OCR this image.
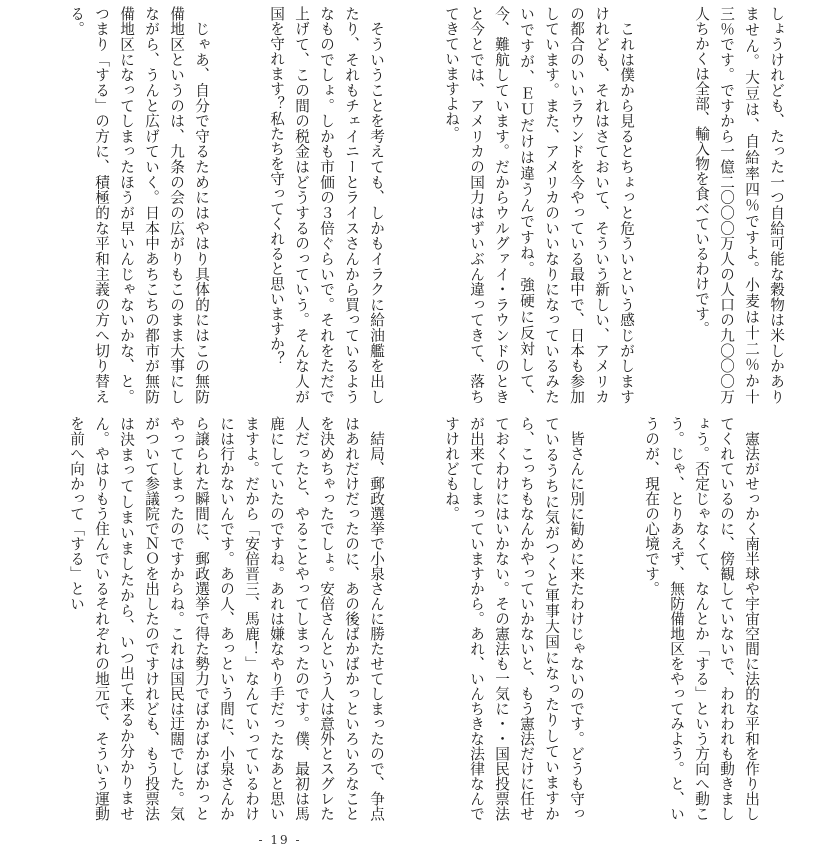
しょうけれども、たった一つ自給可能な穀物は米しかありません。大豆は、自給率四％ですよ。小麦は十二％か十三％です。ですから一億二〇〇〇万人の人口の九〇〇〇万人ちかくは全部、輸入物を食べているわけです。

　これは僕から見るとちょっと危ういという感じがしますけれども、それはさておいて、そういう新しい、アメリカの都合のいいラウンドを今やっている最中で、日本も参加しています。また、アメリカのいいなりになっているみたいですが、ＥＵだけは違うんですね。強硬に反対して、今、難航しています。だからウルグァイ・ラウンドのときと今とでは、アメリカの国力はずいぶん違ってきて、落ちてきていますよね。

　そういうことを考えても、しかもイラクに給油艦を出したり、それもチェイニーとライスさんから買っているようなものでしょ。しかも市価の３倍ぐらいで。それをただで上げて、この間の税金はどうするのっていう。そんな人が国を守れます？私たちを守ってくれると思いますか？

　じゃあ、自分で守るためにはやはり具体的にはこの無防備地区というのは、九条の会の広がりもこのまま大事にしながら、うんと広げていく。日本中あちこちの都市が無防備地区になってしまったほうが早いんじゃないかな、と。つまり「する」の方に、積極的な平和主義の方へ切り替える。

　憲法がせっかく南半球や宇宙空間に法的な平和を作り出してくれているのに、傍観していないで、われわれも動きましょう。否定じゃなくて、なんとか「する」という方向へ動こう。じゃ、とりあえず、無防備地区をやってみよう。と、いうのが、現在の心境です。

　皆さんに別に勧めに来たわけじゃないのです。どうも守っているうちに気がつくと軍事大国になったりしていますから、こっちもなんかやっていかないと、もう憲法だけに任せておくわけにはいかない。その憲法も一気に・・国民投票法が出来てしまっていますから。あれ、いんちきな法律なんですけれどもね。

　結局、郵政選挙で小泉さんに勝たせてしまったので、争点はあれだけだったのに、あの後ばかばかっといろいろなことを決めちゃったでしょ。安倍さんという人は意外とスグレた人だったと、やることやってしまったのです。僕、最初は馬鹿にしていたのですね。あれは嫌なやり手だったなあと思いますよ。だから「安倍晋三、馬鹿！」なんていっているわけには行かないんです。あの人、あっという間に、小泉さんから譲られた瞬間に、郵政選挙で得た勢力でばかばかばかっとやってしまったのですからね。これは国民は迂闊でした。気がついて参議院でＮＯを出したのですけれども、もう投票法は決まってしまいましたから、いつ出て来るか分かりません。やはりもう住んでいるそれぞれの地元で、そういう運動を前へ向かって「する」とい

- 19 -
